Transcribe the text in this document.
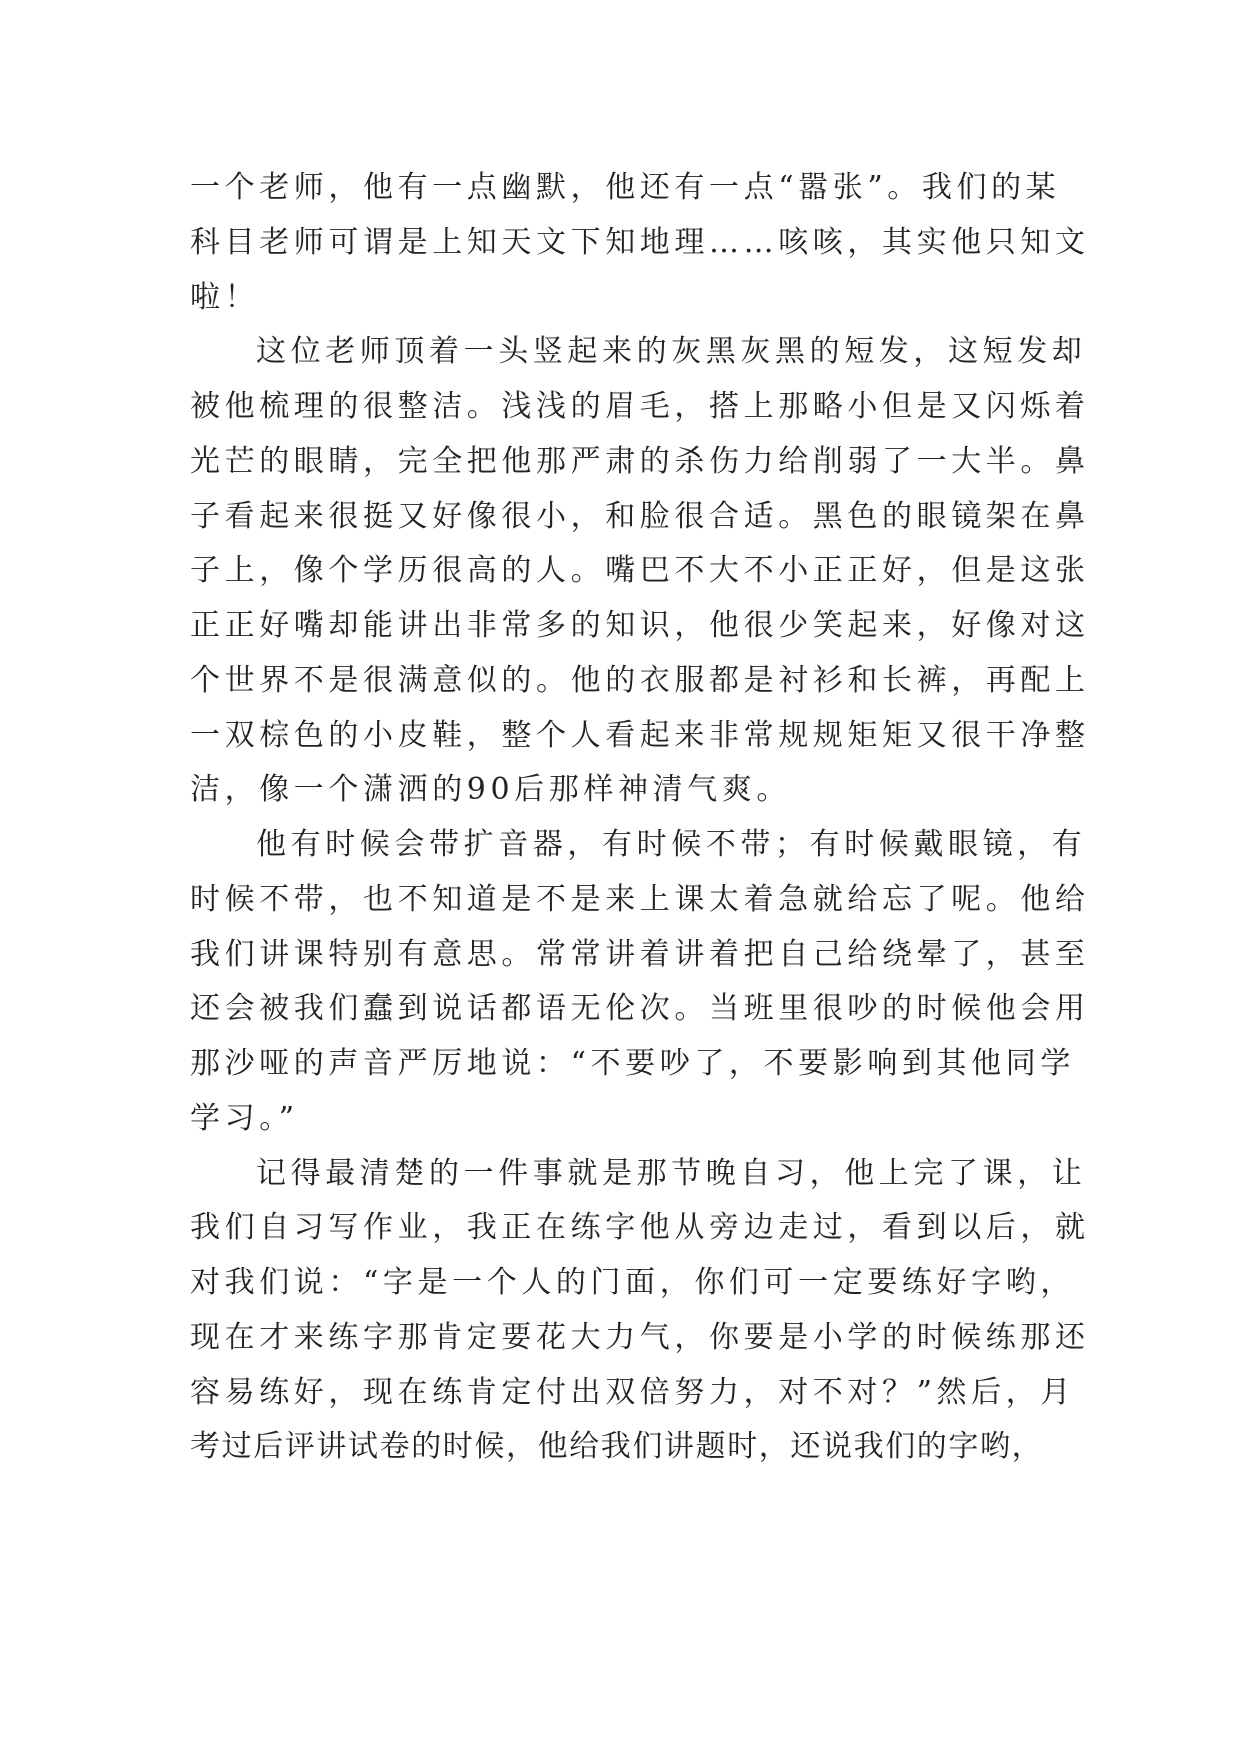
一个老师，他有一点幽默，他还有一点“嚣张”。我们的某
科目老师可谓是上知天文下知地理……咳咳，其实他只知文
啦！
这位老师顶着一头竖起来的灰黑灰黑的短发，这短发却
被他梳理的很整洁。浅浅的眉毛，搭上那略小但是又闪烁着
光芒的眼睛，完全把他那严肃的杀伤力给削弱了一大半。鼻
子看起来很挺又好像很小，和脸很合适。黑色的眼镜架在鼻
子上，像个学历很高的人。嘴巴不大不小正正好，但是这张
正正好嘴却能讲出非常多的知识，他很少笑起来，好像对这
个世界不是很满意似的。他的衣服都是衬衫和长裤，再配上
一双棕色的小皮鞋，整个人看起来非常规规矩矩又很干净整
洁，像一个潇洒的90后那样神清气爽。
他有时候会带扩音器，有时候不带；有时候戴眼镜，有
时候不带，也不知道是不是来上课太着急就给忘了呢。他给
我们讲课特别有意思。常常讲着讲着把自己给绕晕了，甚至
还会被我们蠢到说话都语无伦次。当班里很吵的时候他会用
那沙哑的声音严厉地说：“不要吵了，不要影响到其他同学
学习。”
记得最清楚的一件事就是那节晚自习，他上完了课，让
我们自习写作业，我正在练字他从旁边走过，看到以后，就
对我们说：“字是一个人的门面，你们可一定要练好字哟，
现在才来练字那肯定要花大力气，你要是小学的时候练那还
容易练好，现在练肯定付出双倍努力，对不对？”然后，月
考过后评讲试卷的时候，他给我们讲题时，还说我们的字哟，
